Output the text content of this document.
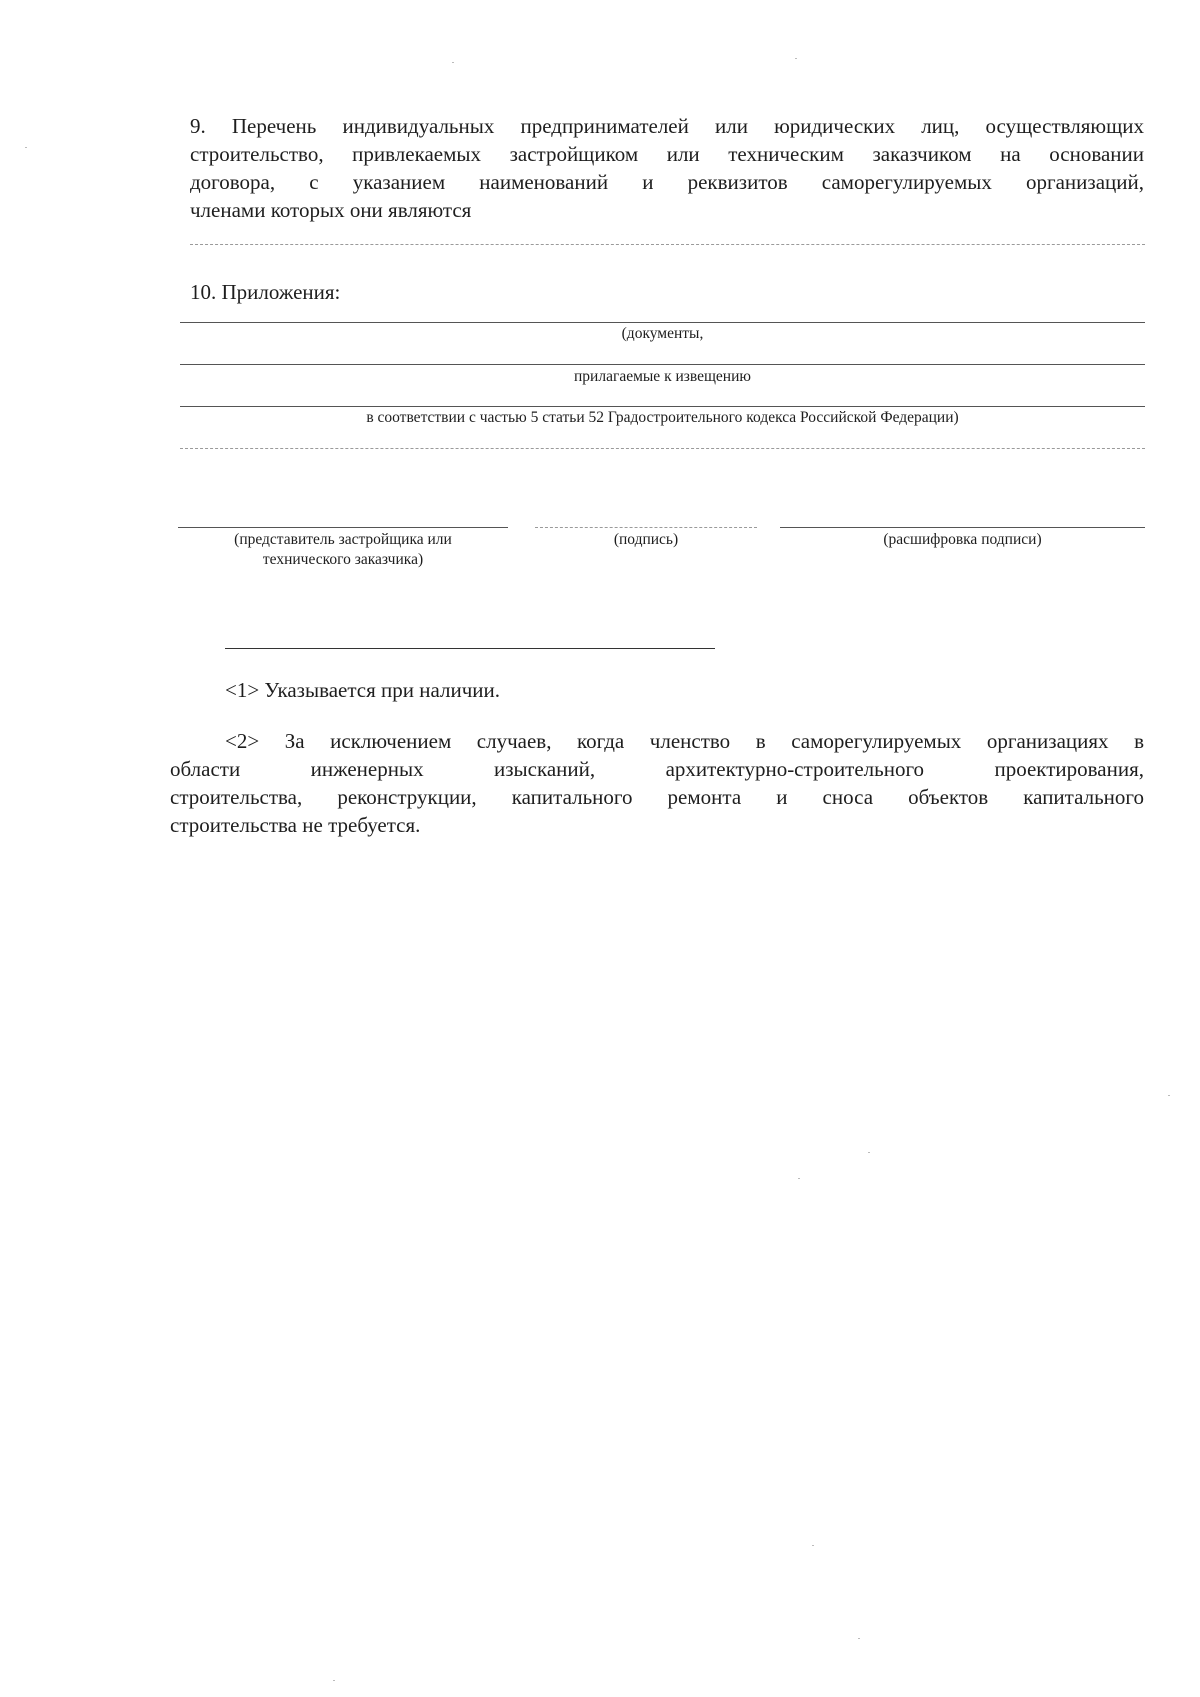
9. Перечень индивидуальных предпринимателей или юридических лиц, осуществляющих
строительство, привлекаемых застройщиком или техническим заказчиком на основании
договора, с указанием наименований и реквизитов саморегулируемых организаций,
членами которых они являются
10. Приложения:
(документы,
прилагаемые к извещению
в соответствии с частью 5 статьи 52 Градостроительного кодекса Российской Федерации)
(представитель застройщика или
технического заказчика)
(подпись)	(расшифровка подписи)
<1> Указывается при наличии.
<2> За исключением случаев, когда членство в саморегулируемых организациях в
области инженерных изысканий, архитектурно-строительного проектирования,
строительства, реконструкции, капитального ремонта и сноса объектов капитального
строительства не требуется.
